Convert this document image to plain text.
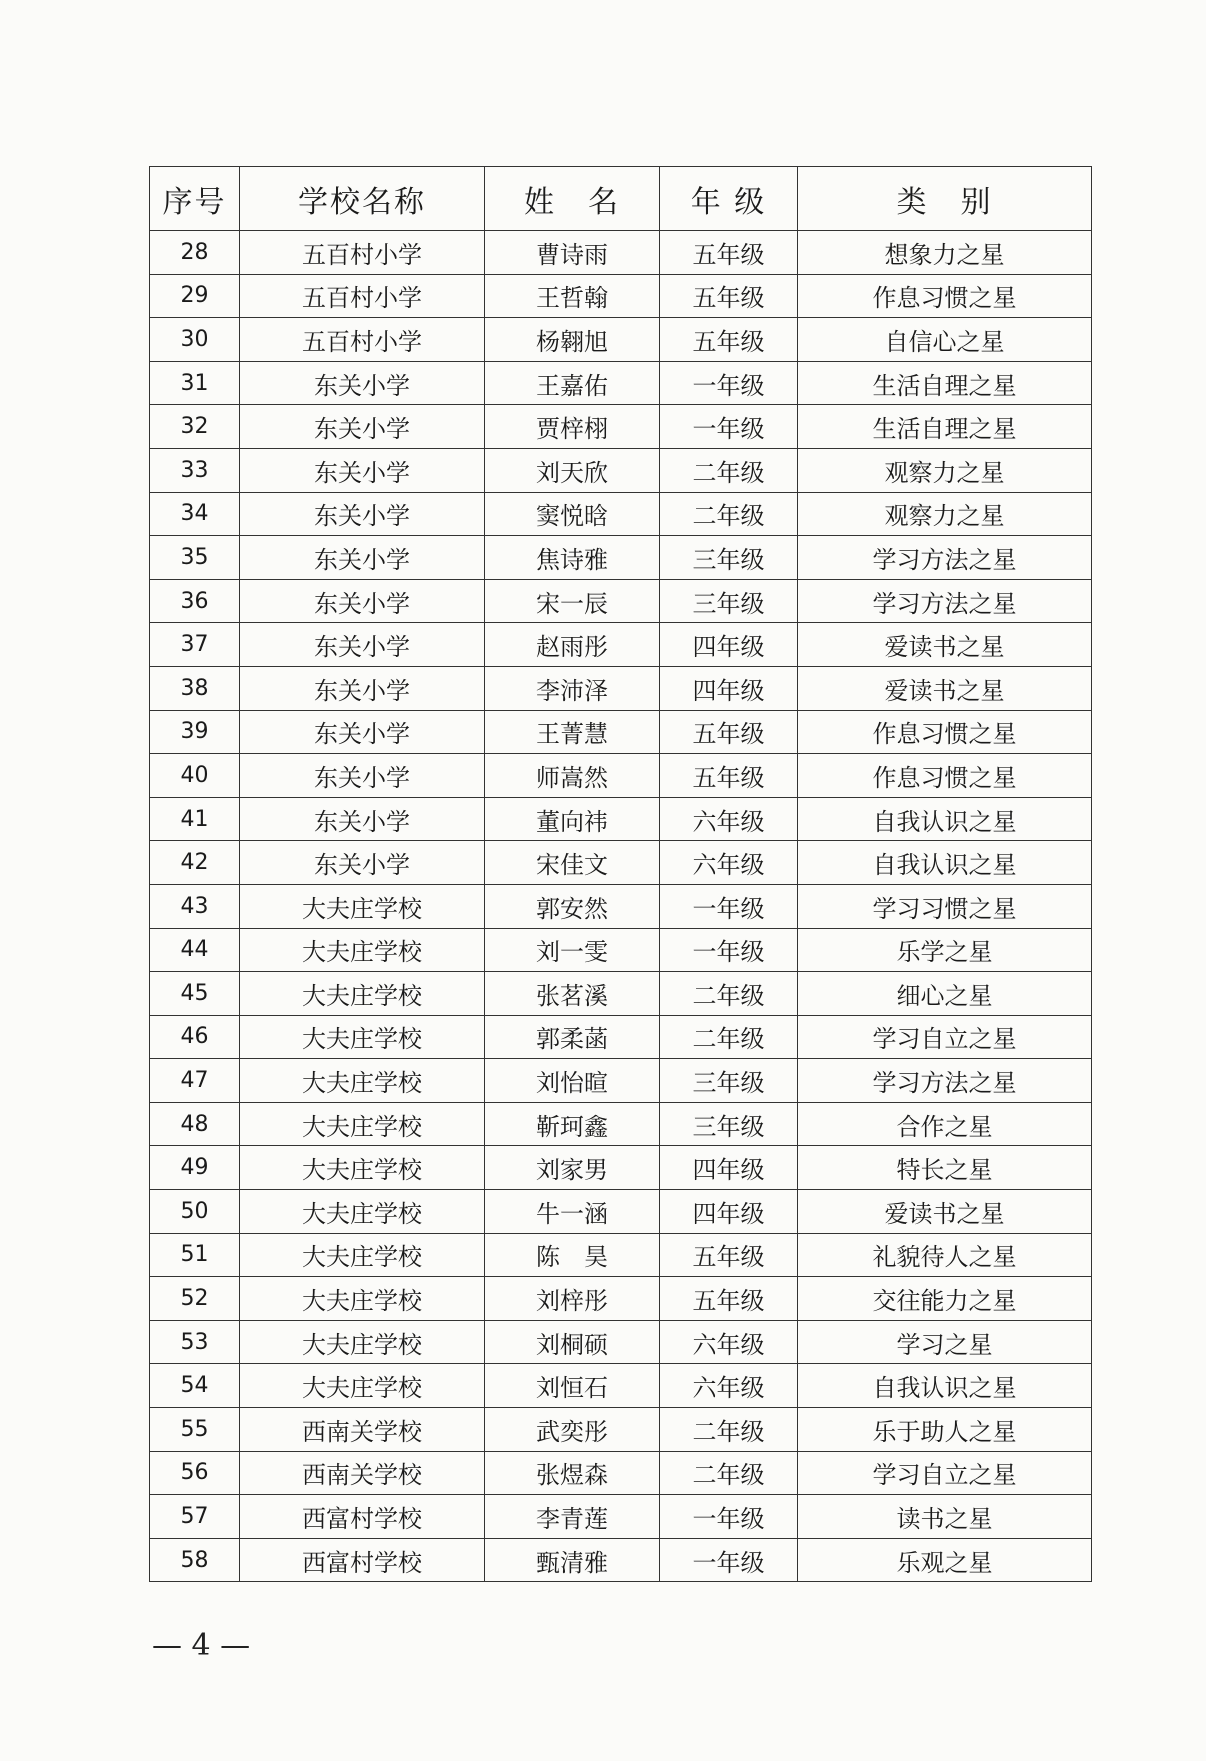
序号	学校名称	姓　名	年 级	类　别
28	五百村小学	曹诗雨	五年级	想象力之星
29	五百村小学	王哲翰	五年级	作息习惯之星
30	五百村小学	杨翱旭	五年级	自信心之星
31	东关小学	王嘉佑	一年级	生活自理之星
32	东关小学	贾梓栩	一年级	生活自理之星
33	东关小学	刘天欣	二年级	观察力之星
34	东关小学	窦悦晗	二年级	观察力之星
35	东关小学	焦诗雅	三年级	学习方法之星
36	东关小学	宋一辰	三年级	学习方法之星
37	东关小学	赵雨彤	四年级	爱读书之星
38	东关小学	李沛泽	四年级	爱读书之星
39	东关小学	王菁慧	五年级	作息习惯之星
40	东关小学	师嵩然	五年级	作息习惯之星
41	东关小学	董向祎	六年级	自我认识之星
42	东关小学	宋佳文	六年级	自我认识之星
43	大夫庄学校	郭安然	一年级	学习习惯之星
44	大夫庄学校	刘一雯	一年级	乐学之星
45	大夫庄学校	张茗溪	二年级	细心之星
46	大夫庄学校	郭柔菡	二年级	学习自立之星
47	大夫庄学校	刘怡暄	三年级	学习方法之星
48	大夫庄学校	靳珂鑫	三年级	合作之星
49	大夫庄学校	刘家男	四年级	特长之星
50	大夫庄学校	牛一涵	四年级	爱读书之星
51	大夫庄学校	陈　昊	五年级	礼貌待人之星
52	大夫庄学校	刘梓彤	五年级	交往能力之星
53	大夫庄学校	刘桐硕	六年级	学习之星
54	大夫庄学校	刘恒石	六年级	自我认识之星
55	西南关学校	武奕彤	二年级	乐于助人之星
56	西南关学校	张煜森	二年级	学习自立之星
57	西富村学校	李青莲	一年级	读书之星
58	西富村学校	甄清雅	一年级	乐观之星
— 4 —
